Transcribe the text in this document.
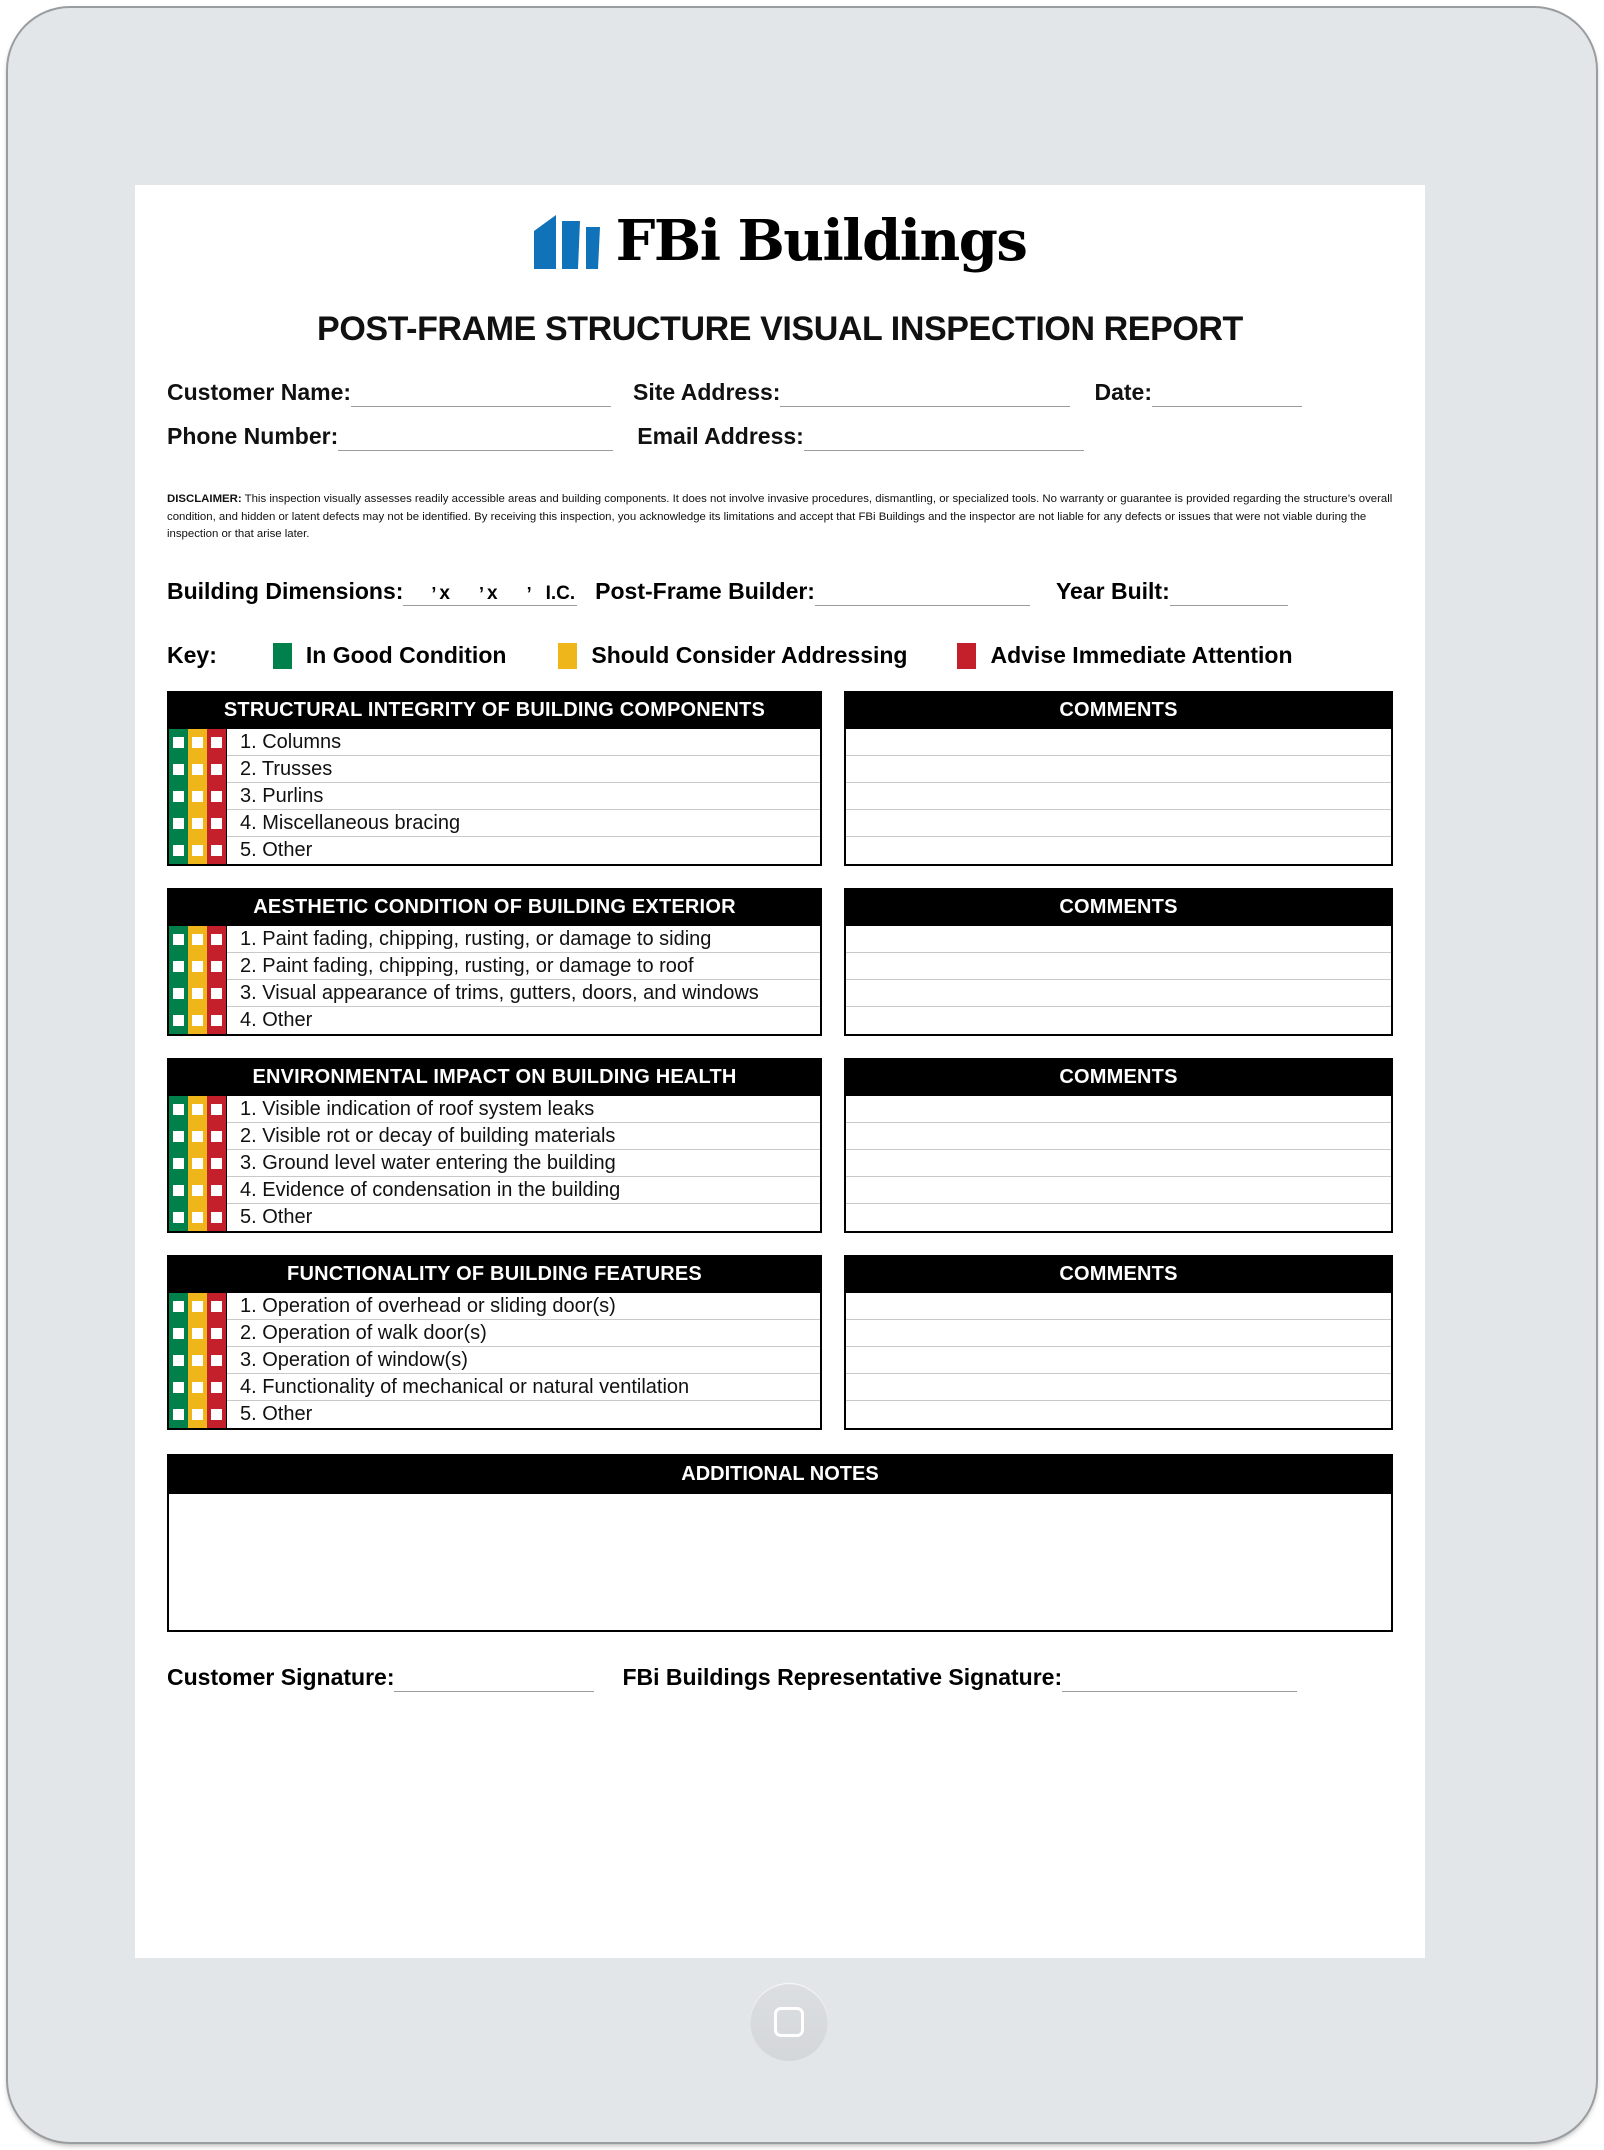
FBi Buildings
POST-FRAME STRUCTURE VISUAL INSPECTION REPORT
Customer Name:	Site Address:	Date:
Phone Number:	Email Address:
DISCLAIMER: This inspection visually assesses readily accessible areas and building components. It does not involve invasive procedures, dismantling, or specialized tools. No warranty or guarantee is provided regarding the structure’s overall condition, and hidden or latent defects may not be identified. By receiving this inspection, you acknowledge its limitations and accept that FBi Buildings and the inspector are not liable for any defects or issues that were not viable during the inspection or that arise later.
Building Dimensions: ’ x ’ x ’ I.C. Post-Frame Builder:	Year Built:
Key:	In Good Condition	Should Consider Addressing	Advise Immediate Attention
STRUCTURAL INTEGRITY OF BUILDING COMPONENTS
1. Columns
2. Trusses
3. Purlins
4. Miscellaneous bracing
5. Other
COMMENTS
AESTHETIC CONDITION OF BUILDING EXTERIOR
1. Paint fading, chipping, rusting, or damage to siding
2. Paint fading, chipping, rusting, or damage to roof
3. Visual appearance of trims, gutters, doors, and windows
4. Other
COMMENTS
ENVIRONMENTAL IMPACT ON BUILDING HEALTH
1. Visible indication of roof system leaks
2. Visible rot or decay of building materials
3. Ground level water entering the building
4. Evidence of condensation in the building
5. Other
COMMENTS
FUNCTIONALITY OF BUILDING FEATURES
1. Operation of overhead or sliding door(s)
2. Operation of walk door(s)
3. Operation of window(s)
4. Functionality of mechanical or natural ventilation
5. Other
COMMENTS
ADDITIONAL NOTES
Customer Signature:	FBi Buildings Representative Signature:
